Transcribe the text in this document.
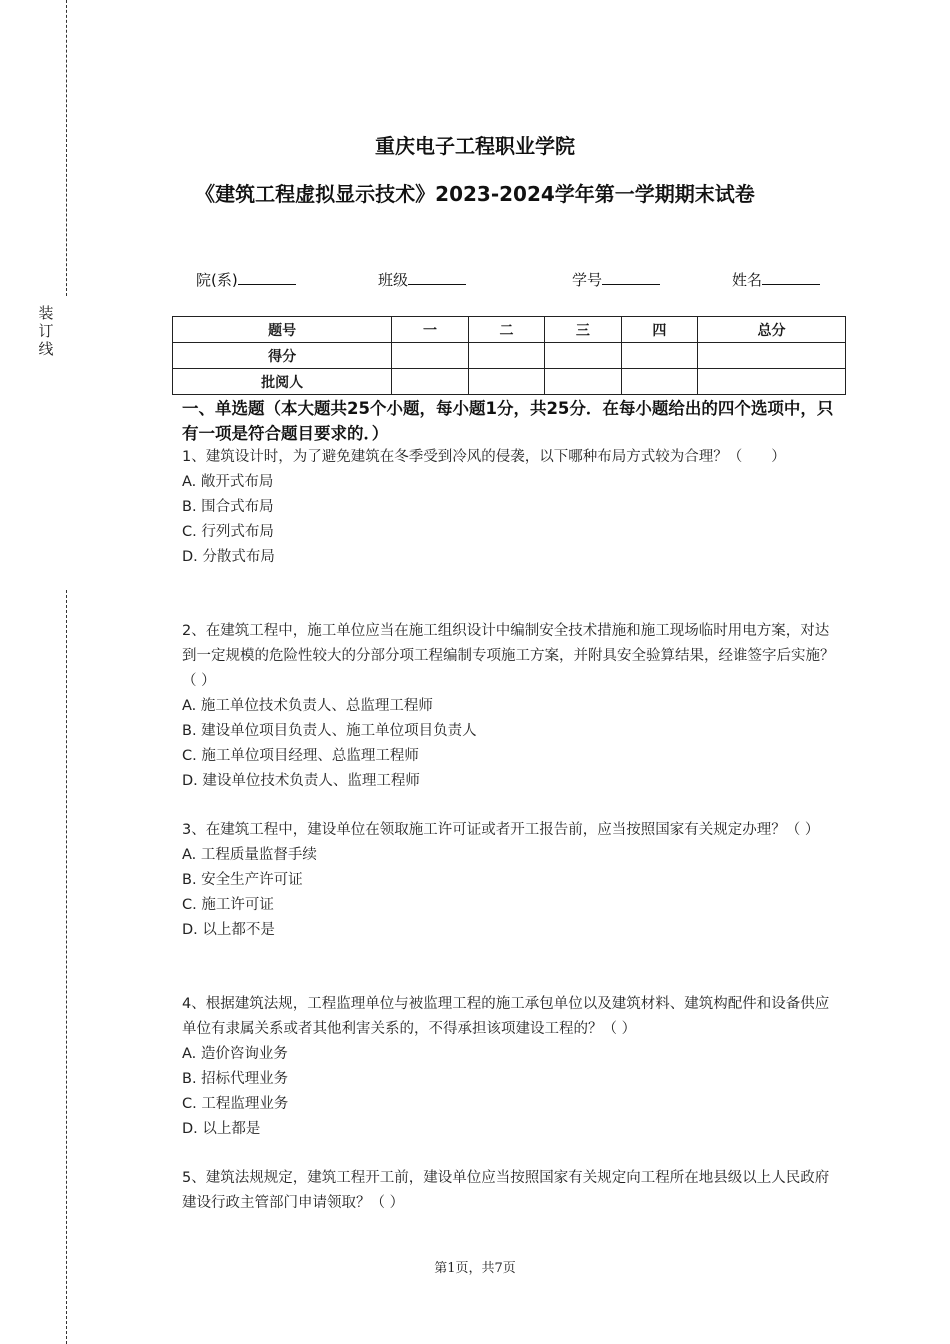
装
订
线
重庆电子工程职业学院
《建筑工程虚拟显示技术》2023-2024学年第一学期期末试卷
院(系)	班级	学号	姓名
题号	一	二	三	四	总分
得分					
批阅人					
一、单选题（本大题共25个小题，每小题1分，共25分．在每小题给出的四个选项中，只有一项是符合题目要求的．）
1、建筑设计时，为了避免建筑在冬季受到冷风的侵袭，以下哪种布局方式较为合理？（　　）
A. 敞开式布局
B. 围合式布局
C. 行列式布局
D. 分散式布局
2、在建筑工程中，施工单位应当在施工组织设计中编制安全技术措施和施工现场临时用电方案，对达到一定规模的危险性较大的分部分项工程编制专项施工方案，并附具安全验算结果，经谁签字后实施？（ ）
A. 施工单位技术负责人、总监理工程师
B. 建设单位项目负责人、施工单位项目负责人
C. 施工单位项目经理、总监理工程师
D. 建设单位技术负责人、监理工程师
3、在建筑工程中，建设单位在领取施工许可证或者开工报告前，应当按照国家有关规定办理？（ ）
A. 工程质量监督手续
B. 安全生产许可证
C. 施工许可证
D. 以上都不是
4、根据建筑法规，工程监理单位与被监理工程的施工承包单位以及建筑材料、建筑构配件和设备供应单位有隶属关系或者其他利害关系的，不得承担该项建设工程的？（ ）
A. 造价咨询业务
B. 招标代理业务
C. 工程监理业务
D. 以上都是
5、建筑法规规定，建筑工程开工前，建设单位应当按照国家有关规定向工程所在地县级以上人民政府建设行政主管部门申请领取？（ ）
第1页，共7页
